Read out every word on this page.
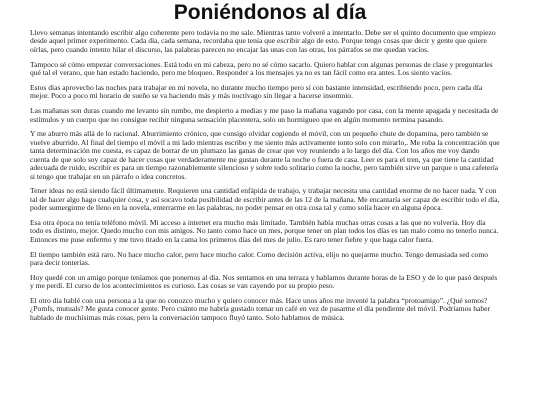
Poniéndonos al día

Llevo semanas intentando escribir algo coherente pero todavía no me sale. Mientras tanto volveré a intentarlo. Debe ser el quinto documento que empiezo desde aquel primer experimento. Cada día, cada semana, recordaba que tenía que escribir algo de esto. Porque tengo cosas que decir y gente que quiere oírlas, pero cuando intento hilar el discurso, las palabras parecen no encajar las unas con las otras, los párrafos se me quedan vacíos.

Tampoco sé cómo empezar conversaciones. Está todo en mi cabeza, pero no sé cómo sacarlo. Quiero hablar con algunas personas de clase y preguntarles qué tal el verano, que han estado haciendo, pero me bloqueo. Responder a los mensajes ya no es tan fácil como era antes. Los siento vacíos.

Estos días aprovecho las noches para trabajar en mi novela, no durante mucho tiempo pero sí con bastante intensidad, escribiendo poco, pero cada día mejor. Poco a poco mi horario de sueño se va haciendo más y más noctívago sin llegar a hacerse insomnio.

Las mañanas son duras cuando me levanto sin rumbo, me despierto a medias y me paso la mañana vagando por casa, con la mente apagada y necesitada de estímulos y un cuerpo que no consigue recibir ninguna sensación placentera, solo un hormigueo que en algún momento termina pasando.

Y me aburro más allá de lo racional. Aburrimiento crónico, que consigo olvidar cogiendo el móvil, con un pequeño chute de dopamina, pero también se vuelve aburrido. Al final del tiempo el móvil a mi lado mientras escribo y me siento más activamente tonto solo con mirarlo,. Me roba la concentración que tanta determinación me cuesta, es capaz de borrar de un plumazo las ganas de crear que voy reuniendo a lo largo del día. Con los años me voy dando cuenta de que solo soy capaz de hacer cosas que verdaderamente me gustan durante la noche o fuera de casa. Leer es para el tren, ya que tiene la cantidad adecuada de ruido, escribir es para un tiempo razonablemente silencioso y sobre todo solitario como la noche, pero también sirve un parque o una cafetería si tengo que trabajar en un párrafo o idea concretos.

Tener ideas no está siendo fácil últimamente. Requieren una cantidad enfápida de trabajo, y trabajar necesita una cantidad enorme de no hacer nada. Y con tal de hacer algo hago cualquier cosa, y así socavo toda posibilidad de escribir antes de las 12 de la mañana. Me encantaría ser capaz de escribir todo el día, poder sumergirme de lleno en la novela, enterrarme en las palabras, no poder pensar en otra cosa tal y como solía hacer en alguna época.

Esa otra época no tenía teléfono móvil. Mi acceso a internet era mucho más limitado. También había muchas otras cosas a las que no volvería. Hoy día todo es distinto, mejor. Quedo mucho con mis amigos. No tanto como hace un mes, porque tener un plan todos los días es tan malo como no tenerlo nunca. Entonces me puse enfermo y me tuvo tirado en la cama los primeros días del mes de julio. Es raro tener fiebre y que haga calor fuera.

El tiempo también está raro. No hace mucho calor, pero hace mucho calor. Como decisión activa, elijo no quejarme mucho. Tengo demasiada sed como para decir tonterías.

Hoy quedé con un amigo porque teníamos que ponernos al día. Nos sentamos en una terraza y hablamos durante horas de la ESO y de lo que pasó después y me perdí. El curso de los acontecimientos es curioso. Las cosas se van cayendo por su propio peso.

El otro día hablé con una persona a la que no conozco mucho y quiero conocer más. Hace unos años me inventé la palabra “protoamigo”. ¿Qué somos? ¿Pomfs, mutuals? Me gusta conocer gente. Pero cuánto me habría gustado tomar un café en vez de pasarme el día pendiente del móvil. Podríamos haber hablado de muchísimas más cosas, pero la conversación tampoco fluyó tanto. Solo hablamos de música.
